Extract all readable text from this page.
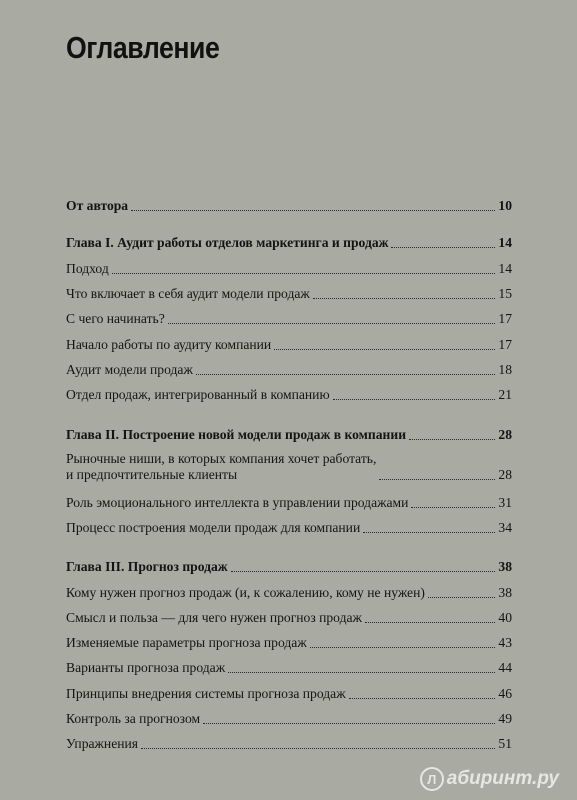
Оглавление
От автора	10
Глава I. Аудит работы отделов маркетинга и продаж	14
Подход	14
Что включает в себя аудит модели продаж	15
С чего начинать?	17
Начало работы по аудиту компании	17
Аудит модели продаж	18
Отдел продаж, интегрированный в компанию	21
Глава II. Построение новой модели продаж в компании	28
Рыночные ниши, в которых компания хочет работать,
и предпочтительные клиенты	28
Роль эмоционального интеллекта в управлении продажами	31
Процесс построения модели продаж для компании	34
Глава III. Прогноз продаж	38
Кому нужен прогноз продаж (и, к сожалению, кому не нужен)	38
Смысл и польза — для чего нужен прогноз продаж	40
Изменяемые параметры прогноза продаж	43
Варианты прогноза продаж	44
Принципы внедрения системы прогноза продаж	46
Контроль за прогнозом	49
Упражнения	51
Л абиринт.ру
